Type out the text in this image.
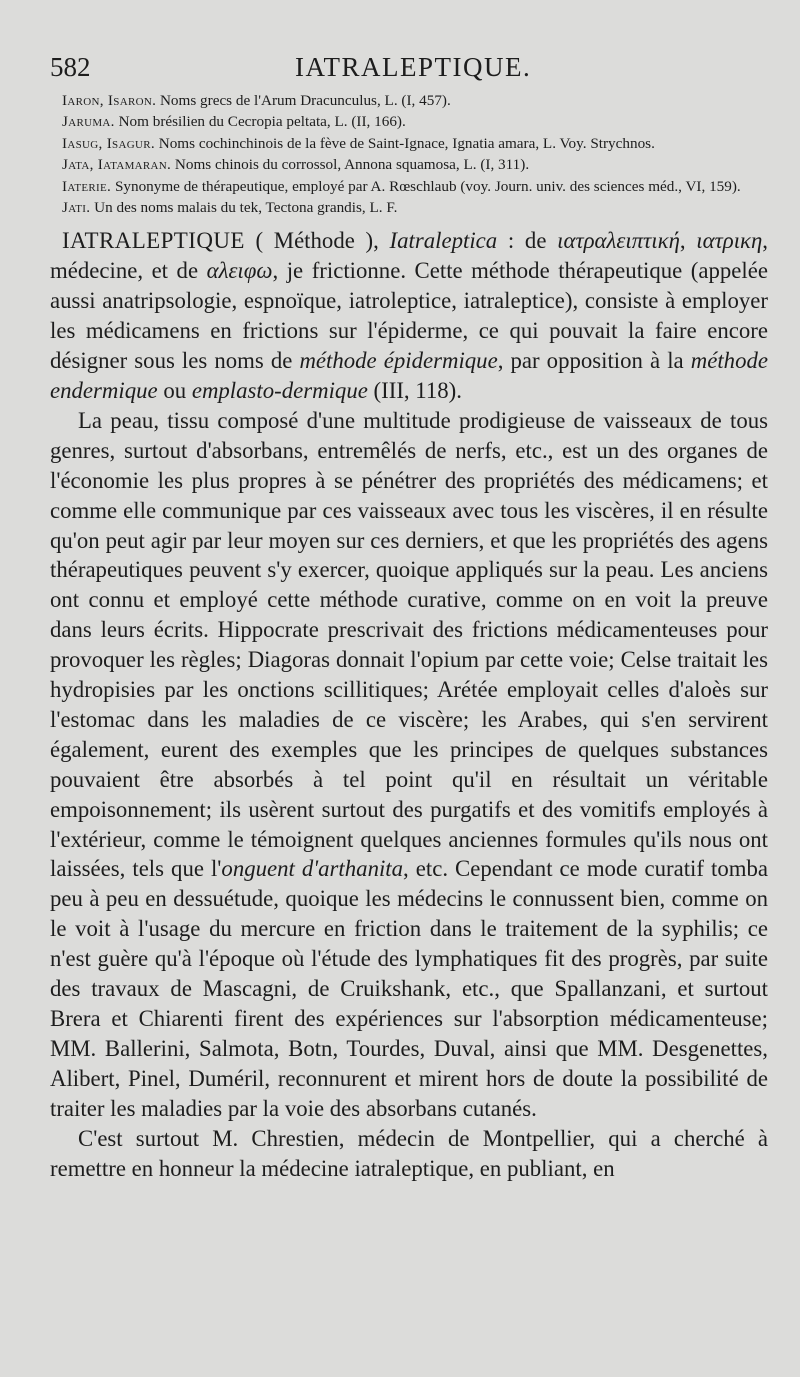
582	IATRALEPTIQUE.
Iaron, Isaron. Noms grecs de l'Arum Dracunculus, L. (I, 457).
Jaruma. Nom brésilien du Cecropia peltata, L. (II, 166).
Iasug, Isagur. Noms cochinchinois de la fève de Saint-Ignace, Ignatia amara, L. Voy. Strychnos.
Jata, Iatamaran. Noms chinois du corrossol, Annona squamosa, L. (I, 311).
Iaterie. Synonyme de thérapeutique, employé par A. Rœschlaub (voy. Journ. univ. des sciences méd., VI, 159).
Jati. Un des noms malais du tek, Tectona grandis, L. F.

IATRALEPTIQUE ( Méthode ), Iatraleptica : de ιατραλειπτική, ιατρικη, médecine, et de αλειφω, je frictionne. Cette méthode thérapeutique (appelée aussi anatripsologie, espnoïque, iatroleptice, iatraleptice), consiste à employer les médicamens en frictions sur l'épiderme, ce qui pouvait la faire encore désigner sous les noms de méthode épidermique, par opposition à la méthode endermique ou emplasto-dermique (III, 118).

La peau, tissu composé d'une multitude prodigieuse de vaisseaux de tous genres, surtout d'absorbans, entremêlés de nerfs, etc., est un des organes de l'économie les plus propres à se pénétrer des propriétés des médicamens; et comme elle communique par ces vaisseaux avec tous les viscères, il en résulte qu'on peut agir par leur moyen sur ces derniers, et que les propriétés des agens thérapeutiques peuvent s'y exercer, quoique appliqués sur la peau. Les anciens ont connu et employé cette méthode curative, comme on en voit la preuve dans leurs écrits. Hippocrate prescrivait des frictions médicamenteuses pour provoquer les règles; Diagoras donnait l'opium par cette voie; Celse traitait les hydropisies par les onctions scillitiques; Arétée employait celles d'aloès sur l'estomac dans les maladies de ce viscère; les Arabes, qui s'en servirent également, eurent des exemples que les principes de quelques substances pouvaient être absorbés à tel point qu'il en résultait un véritable empoisonnement; ils usèrent surtout des purgatifs et des vomitifs employés à l'extérieur, comme le témoignent quelques anciennes formules qu'ils nous ont laissées, tels que l'onguent d'arthanita, etc. Cependant ce mode curatif tomba peu à peu en dessuétude, quoique les médecins le connussent bien, comme on le voit à l'usage du mercure en friction dans le traitement de la syphilis; ce n'est guère qu'à l'époque où l'étude des lymphatiques fit des progrès, par suite des travaux de Mascagni, de Cruikshank, etc., que Spallanzani, et surtout Brera et Chiarenti firent des expériences sur l'absorption médicamenteuse; MM. Ballerini, Salmota, Botn, Tourdes, Duval, ainsi que MM. Desgenettes, Alibert, Pinel, Duméril, reconnurent et mirent hors de doute la possibilité de traiter les maladies par la voie des absorbans cutanés.

C'est surtout M. Chrestien, médecin de Montpellier, qui a cherché à remettre en honneur la médecine iatraleptique, en publiant, en
